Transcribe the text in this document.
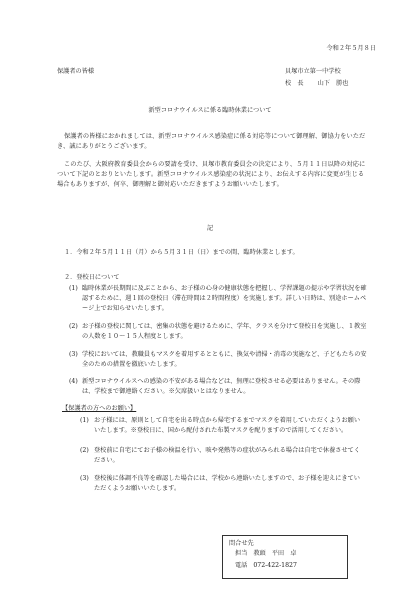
令和２年５月８日
保護者の皆様	貝塚市立第一中学校
校　長 山下　勝也
新型コロナウイルスに係る臨時休業について
保護者の皆様におかれましては、新型コロナウイルス感染症に係る対応等について御理解、御協力をいただき、誠にありがとうございます。
このたび、大阪府教育委員会からの要請を受け、貝塚市教育委員会の決定により、５月１１日以降の対応について下記のとおりといたします。新型コロナウイルス感染症の状況により、お伝えする内容に変更が生じる場合もありますが、何卒、御理解と御対応いただきますようお願いいたします。
記
１．令和２年５月１１日（月）から５月３１日（日）までの間、臨時休業とします。
２．登校日について
(1) 臨時休業が長期間に及ぶことから、お子様の心身の健康状態を把握し、学習課題の提示や学習状況を確認するために、週１回の登校日（滞在時間は２時間程度）を実施します。詳しい日時は、別途ホームページ上でお知らせいたします。
(2) お子様の登校に関しては、密集の状態を避けるために、学年、クラスを分けて登校日を実施し、１教室の人数を１０～１５人程度とします。
(3) 学校においては、教職員もマスクを着用するとともに、換気や清掃・消毒の実施など、子どもたちの安全のための措置を徹底いたします。
(4) 新型コロナウイルスへの感染の不安がある場合などは、無理に登校させる必要はありません。その際は、学校まで御連絡ください。※欠席扱いとはなりません。
【保護者の方へのお願い】
(1) お子様には、原則として自宅を出る時点から帰宅するまでマスクを着用していただくようお願いいたします。※登校日に、国から配付された布製マスクを配りますので活用してください。
(2) 登校前に自宅にてお子様の検温を行い、咳や発熱等の症状がみられる場合は自宅で休養させてください。
(3) 登校後に体調不良等を確認した場合には、学校から連絡いたしますので、お子様を迎えにきていただくようお願いいたします。
問合せ先
担当 教頭 平田　卓
電話 072-422-1827
